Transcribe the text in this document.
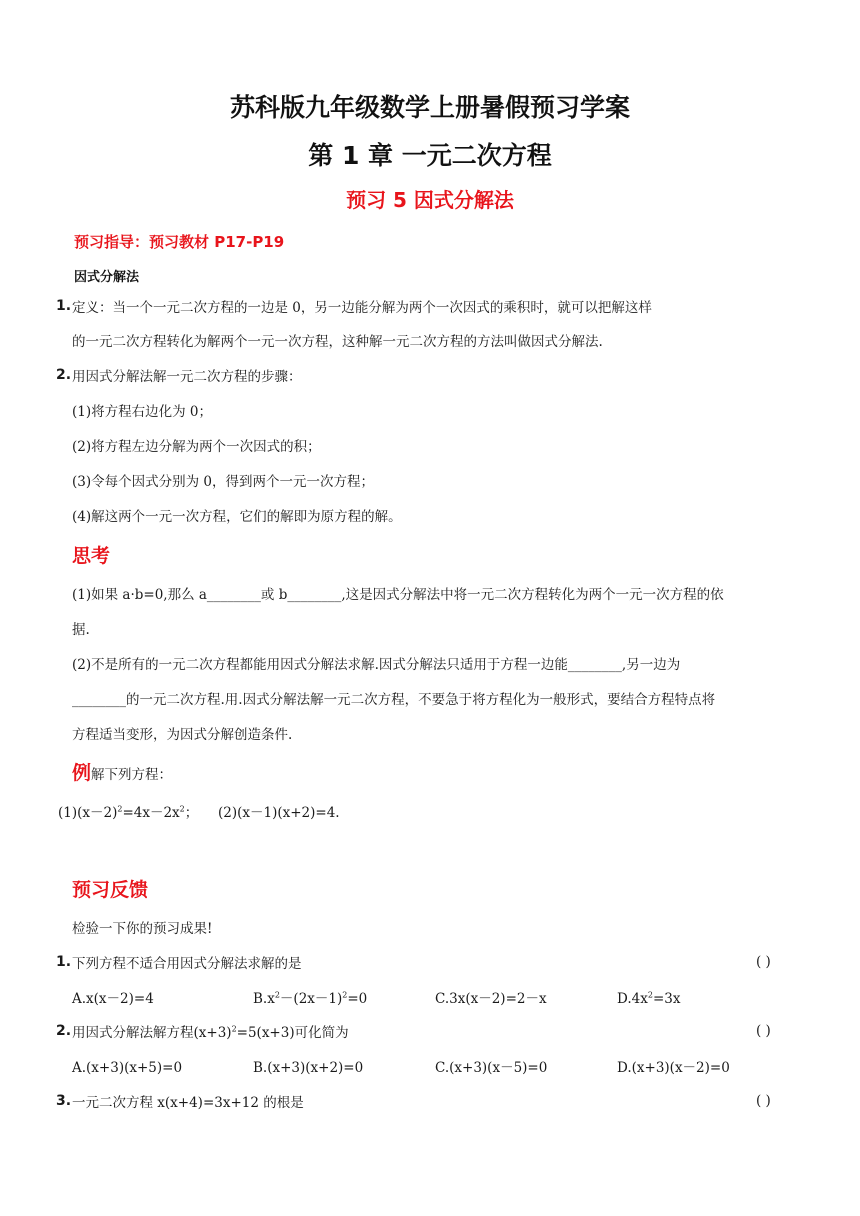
苏科版九年级数学上册暑假预习学案
第 1 章 一元二次方程
预习 5 因式分解法
预习指导：预习教材 P17-P19
因式分解法
1. 定义：当一个一元二次方程的一边是 0，另一边能分解为两个一次因式的乘积时，就可以把解这样
的一元二次方程转化为解两个一元一次方程，这种解一元二次方程的方法叫做因式分解法.
2. 用因式分解法解一元二次方程的步骤：
(1)将方程右边化为 0；
(2)将方程左边分解为两个一次因式的积；
(3)令每个因式分别为 0，得到两个一元一次方程；
(4)解这两个一元一次方程，它们的解即为原方程的解。
思考
(1)如果 a·b=0,那么 a________或 b________,这是因式分解法中将一元二次方程转化为两个一元一次方程的依
据.
(2)不是所有的一元二次方程都能用因式分解法求解.因式分解法只适用于方程一边能________,另一边为
________的一元二次方程.用.因式分解法解一元二次方程，不要急于将方程化为一般形式，要结合方程特点将
方程适当变形，为因式分解创造条件.
例解下列方程：
$(1)(x-2)^2=4x-2x^2$； (2)(x－1)(x+2)=4.
预习反馈
检验一下你的预习成果!
1. 下列方程不适合用因式分解法求解的是	( )
A.x(x－2)=4	$B.x^2-(2x-1)^2=0$	C.3x(x－2)=2－x	$D.4x^2=3x$
2. 用因式分解法解方程$(x+3)^2=5(x+3)$可化简为	( )
A.(x+3)(x+5)=0	B.(x+3)(x+2)=0	C.(x+3)(x－5)=0	D.(x+3)(x－2)=0
3. 一元二次方程 x(x+4)=3x+12 的根是	( )
